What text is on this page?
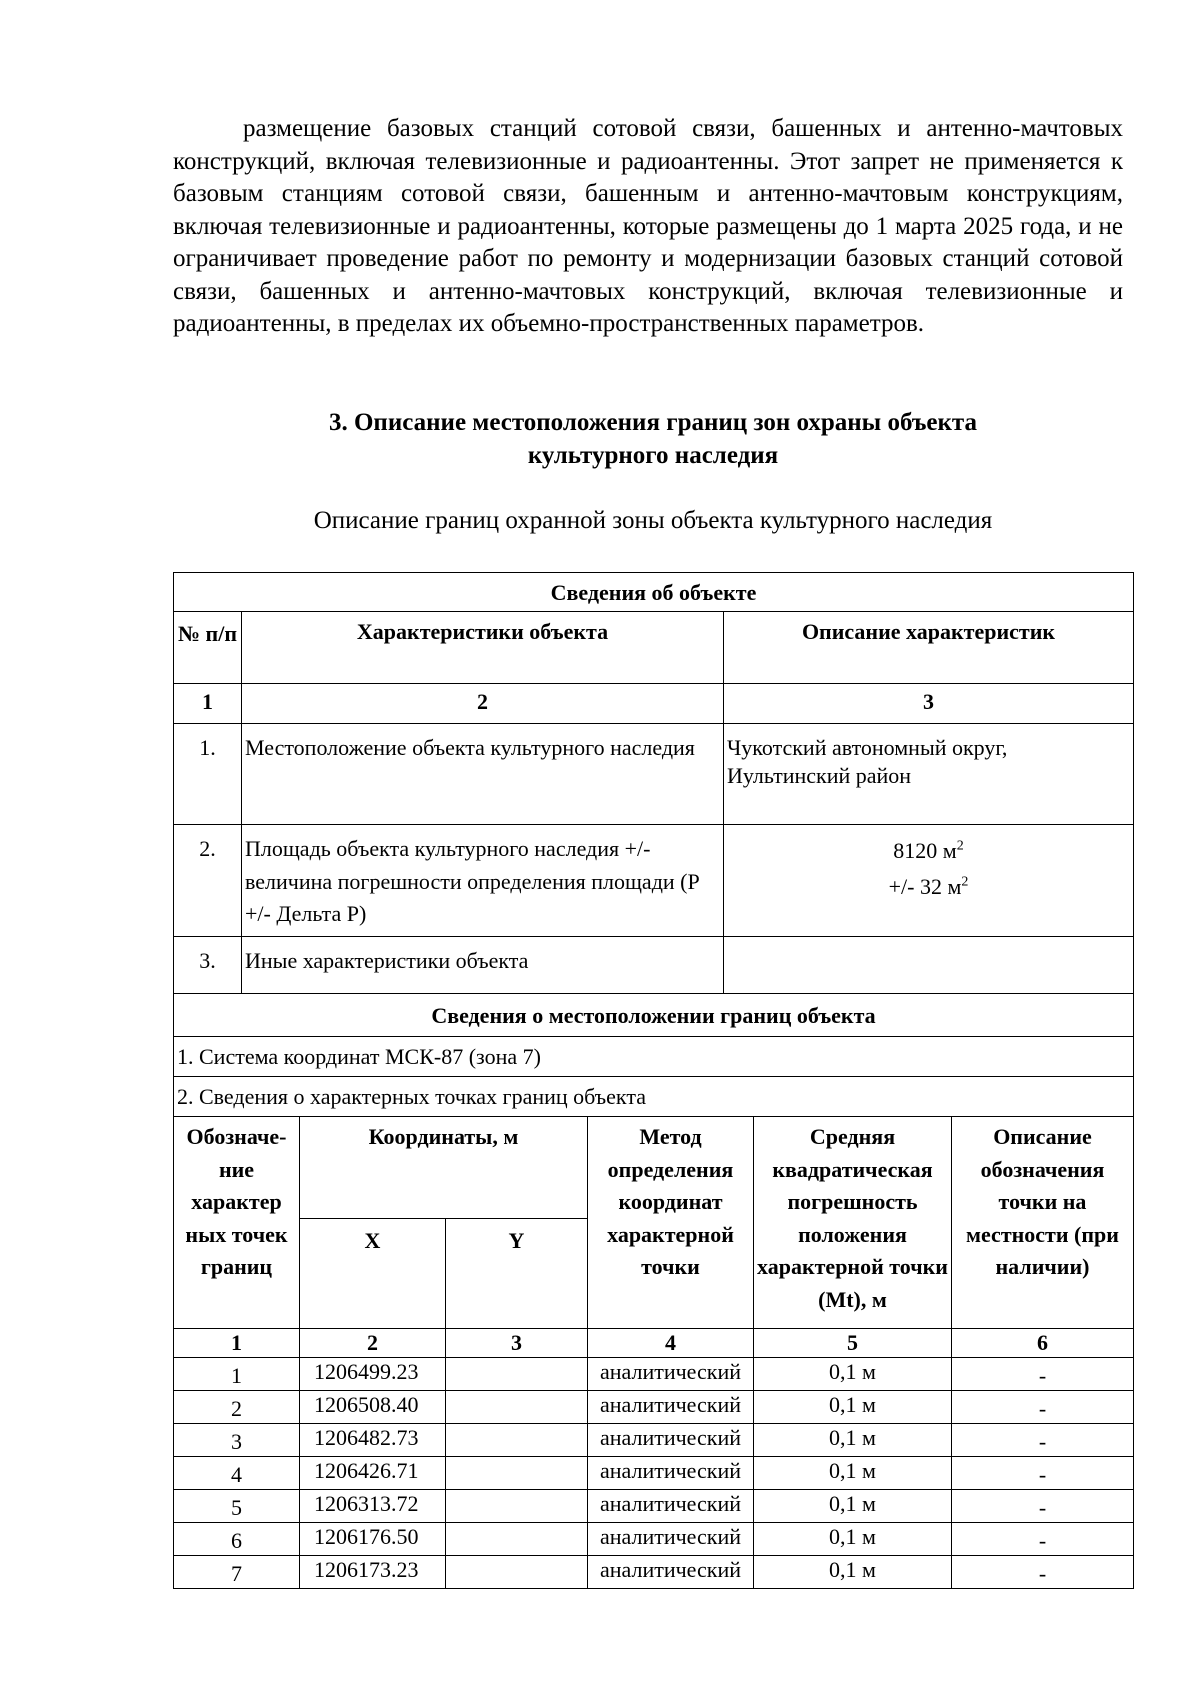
размещение базовых станций сотовой связи, башенных и антенно-мачтовых конструкций, включая телевизионные и радиоантенны. Этот запрет не применяется к базовым станциям сотовой связи, башенным и антенно-мачтовым конструкциям, включая телевизионные и радиоантенны, которые размещены до 1 марта 2025 года, и не ограничивает проведение работ по ремонту и модернизации базовых станций сотовой связи, башенных и антенно-мачтовых конструкций, включая телевизионные и радиоантенны, в пределах их объемно-пространственных параметров.

3. Описание местоположения границ зон охраны объекта
культурного наследия
Описание границ охранной зоны объекта культурного наследия
Сведения об объекте		
№ п/п	Характеристики объекта	Описание характеристик
1	2	3
1.	Местоположение объекта культурного наследия	Чукотский автономный округ, Иультинский район
2.	Площадь объекта культурного наследия +/- величина погрешности определения площади (Р +/- Дельта Р)	8120 $м^2$
+/- 32 $м^2$

3.	Иные характеристики объекта	
Сведения о местоположении границ объекта		
1. Система координат МСК-87 (зона 7)		
2. Сведения о характерных точках границ объекта		
Обозначе-ние характер ных точек границ	Координаты, м		Метод определения координат характерной точки	Средняя квадратическая погрешность положения характерной точки (Mt), м	Описание обозначения точки на местности (при наличии)
	X	Y			
1	2	3	4	5	6
1	1206499.23		аналитический	0,1 м	-
2	1206508.40		аналитический	0,1 м	-
3	1206482.73		аналитический	0,1 м	-
4	1206426.71		аналитический	0,1 м	-
5	1206313.72		аналитический	0,1 м	-
6	1206176.50		аналитический	0,1 м	-
7	1206173.23		аналитический	0,1 м	-
